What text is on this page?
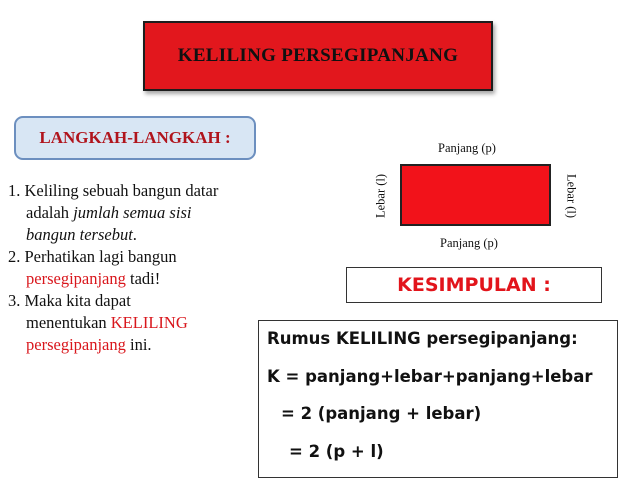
KELILING PERSEGIPANJANG
LANGKAH-LANGKAH :

1. Keliling sebuah bangun datar
adalah jumlah semua sisi
bangun tersebut.

2. Perhatikan lagi bangun
persegipanjang tadi!

3. Maka kita dapat
menentukan KELILING
persegipanjang ini.

Panjang (p)
Panjang (p)
Lebar (l)	Lebar (l)
KESIMPULAN :
Rumus KELILING persegipanjang:
K = panjang+lebar+panjang+lebar
= 2 (panjang + lebar)
= 2 (p + l)
